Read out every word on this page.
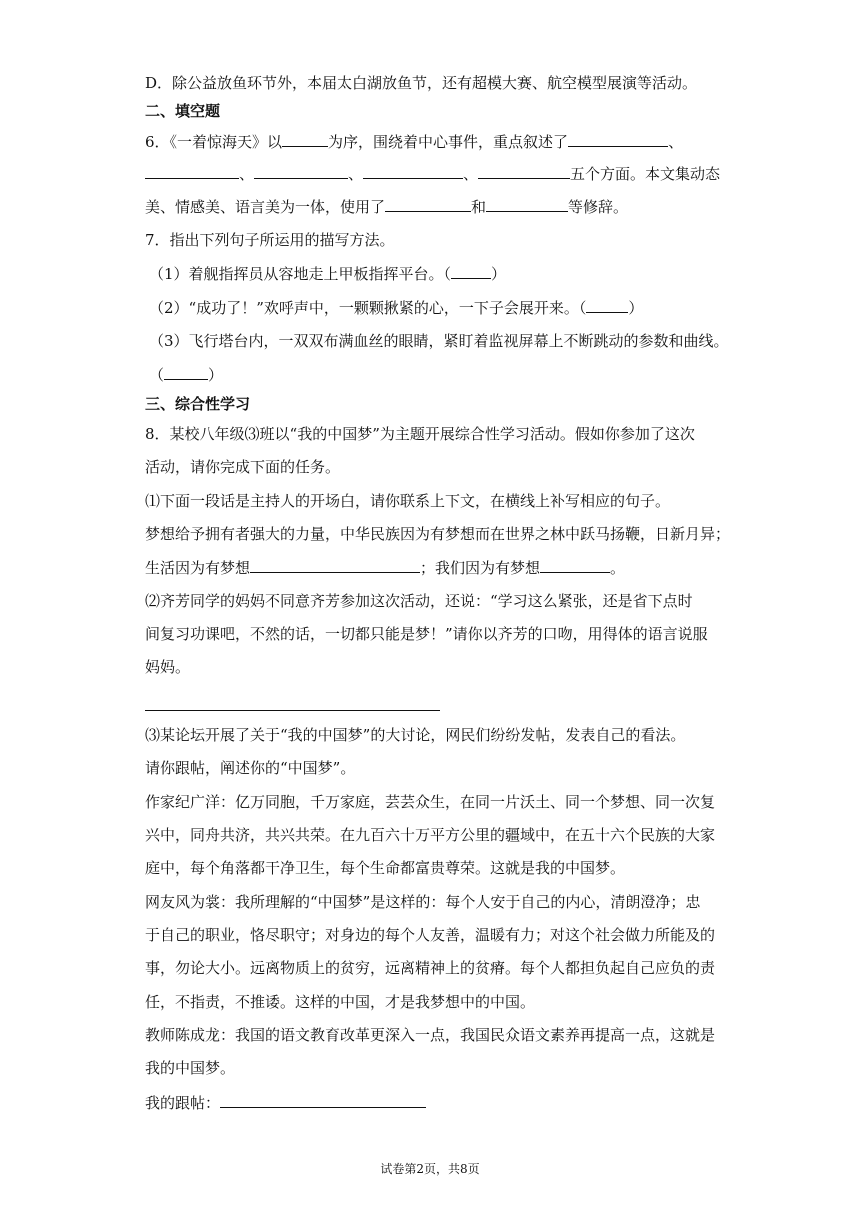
D．除公益放鱼环节外，本届太白湖放鱼节，还有超模大赛、航空模型展演等活动。
二、填空题
6．《一着惊海天》以	为序，围绕着中心事件，重点叙述了	、
、	、	、	五个方面。本文集动态
美、情感美、语言美为一体，使用了	和	等修辞。
7．指出下列句子所运用的描写方法。
（1）着舰指挥员从容地走上甲板指挥平台。（	）
（2）“成功了！”欢呼声中，一颗颗揪紧的心，一下子会展开来。（	）
（3）飞行塔台内，一双双布满血丝的眼睛，紧盯着监视屏幕上不断跳动的参数和曲线。
（	）
三、综合性学习
8．某校八年级⑶班以“我的中国梦”为主题开展综合性学习活动。假如你参加了这次
活动，请你完成下面的任务。
⑴下面一段话是主持人的开场白，请你联系上下文，在横线上补写相应的句子。
梦想给予拥有者强大的力量，中华民族因为有梦想而在世界之林中跃马扬鞭，日新月异；
生活因为有梦想	；我们因为有梦想	。
⑵齐芳同学的妈妈不同意齐芳参加这次活动，还说：“学习这么紧张，还是省下点时
间复习功课吧，不然的话，一切都只能是梦！”请你以齐芳的口吻，用得体的语言说服
妈妈。
⑶某论坛开展了关于“我的中国梦”的大讨论，网民们纷纷发帖，发表自己的看法。
请你跟帖，阐述你的“中国梦”。
作家纪广洋：亿万同胞，千万家庭，芸芸众生，在同一片沃土、同一个梦想、同一次复
兴中，同舟共济，共兴共荣。在九百六十万平方公里的疆域中，在五十六个民族的大家
庭中，每个角落都干净卫生，每个生命都富贵尊荣。这就是我的中国梦。
网友风为裳：我所理解的“中国梦”是这样的：每个人安于自己的内心，清朗澄净；忠
于自己的职业，恪尽职守；对身边的每个人友善，温暖有力；对这个社会做力所能及的
事，勿论大小。远离物质上的贫穷，远离精神上的贫瘠。每个人都担负起自己应负的责
任，不指责，不推诿。这样的中国，才是我梦想中的中国。
教师陈成龙：我国的语文教育改革更深入一点，我国民众语文素养再提高一点，这就是
我的中国梦。
我的跟帖：
试卷第2页，共8页
